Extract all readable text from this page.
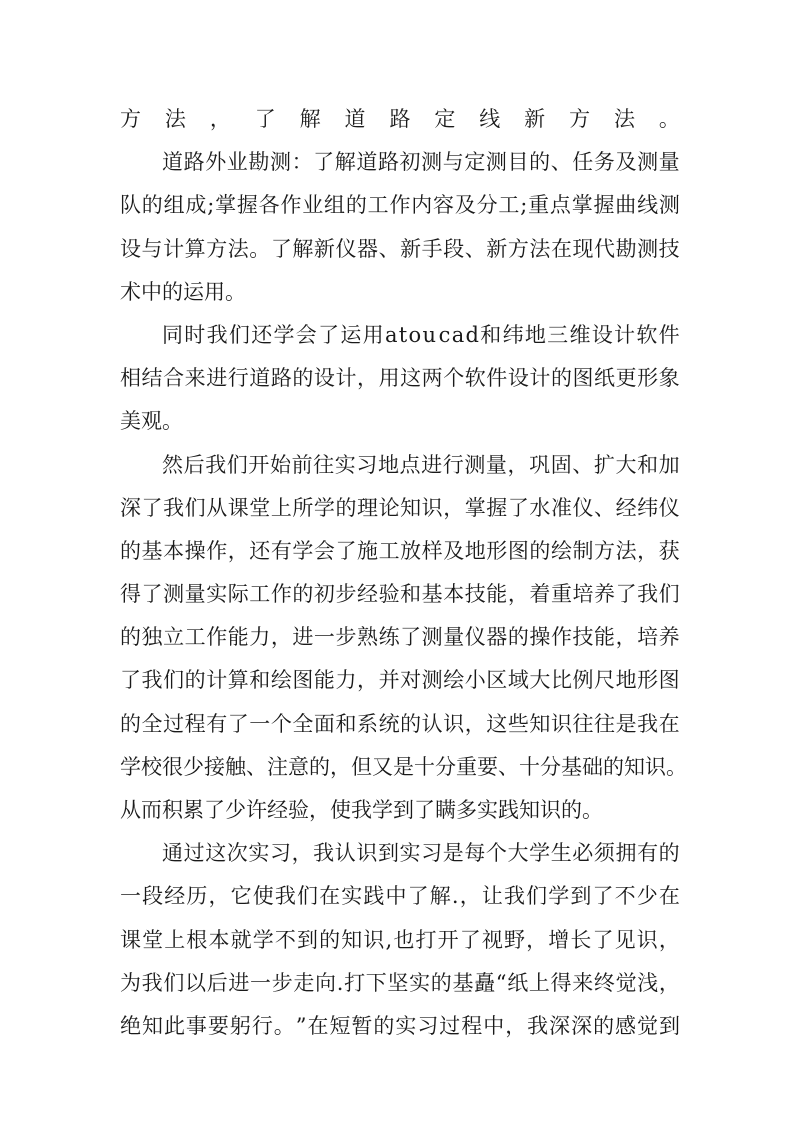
方 法 ， 了 解 道 路 定 线 新 方 法 。
道 路 外 业 勘 测 ： 了 解 道 路 初 测 与 定 测 目 的 、 任 务 及 测 量
队 的 组 成 ; 掌 握 各 作 业 组 的 工 作 内 容 及 分 工 ; 重 点 掌 握 曲 线 测
设 与 计 算 方 法 。 了 解 新 仪 器 、 新 手 段 、 新 方 法 在 现 代 勘 测 技
术中的运用。
同 时 我 们 还 学 会 了 运 用 a t o u c a d 和 纬 地 三 维 设 计 软 件
相 结 合 来 进 行 道 路 的 设 计 ， 用 这 两 个 软 件 设 计 的 图 纸 更 形 象
美观。
然 后 我 们 开 始 前 往 实 习 地 点 进 行 测 量 ， 巩 固 、 扩 大 和 加
深 了 我 们 从 课 堂 上 所 学 的 理 论 知 识 ， 掌 握 了 水 准 仪 、 经 纬 仪
的 基 本 操 作 ， 还 有 学 会 了 施 工 放 样 及 地 形 图 的 绘 制 方 法 ， 获
得 了 测 量 实 际 工 作 的 初 步 经 验 和 基 本 技 能 ， 着 重 培 养 了 我 们
的 独 立 工 作 能 力 ， 进 一 步 熟 练 了 测 量 仪 器 的 操 作 技 能 ， 培 养
了 我 们 的 计 算 和 绘 图 能 力 ， 并 对 测 绘 小 区 域 大 比 例 尺 地 形 图
的 全 过 程 有 了 一 个 全 面 和 系 统 的 认 识 ， 这 些 知 识 往 往 是 我 在
学 校 很 少 接 触 、 注 意 的 ， 但 又 是 十 分 重 要 、 十 分 基 础 的 知 识 。
从而积累了少许经验，使我学到了瞒多实践知识的。
通 过 这 次 实 习 ， 我 认 识 到 实 习 是 每 个 大 学 生 必 须 拥 有 的
一 段 经 历 ， 它 使 我 们 在 实 践 中 了 解 . ， 让 我 们 学 到 了 不 少 在
课 堂 上 根 本 就 学 不 到 的 知 识 , 也 打 开 了 视 野 ， 增 长 了 见 识 ，
为 我 们 以 后 进 一 步 走 向 . 打 下 坚 实 的 基 矗 “ 纸 上 得 来 终 觉 浅 ，
绝 知 此 事 要 躬 行 。 ” 在 短 暂 的 实 习 过 程 中 ， 我 深 深 的 感 觉 到
